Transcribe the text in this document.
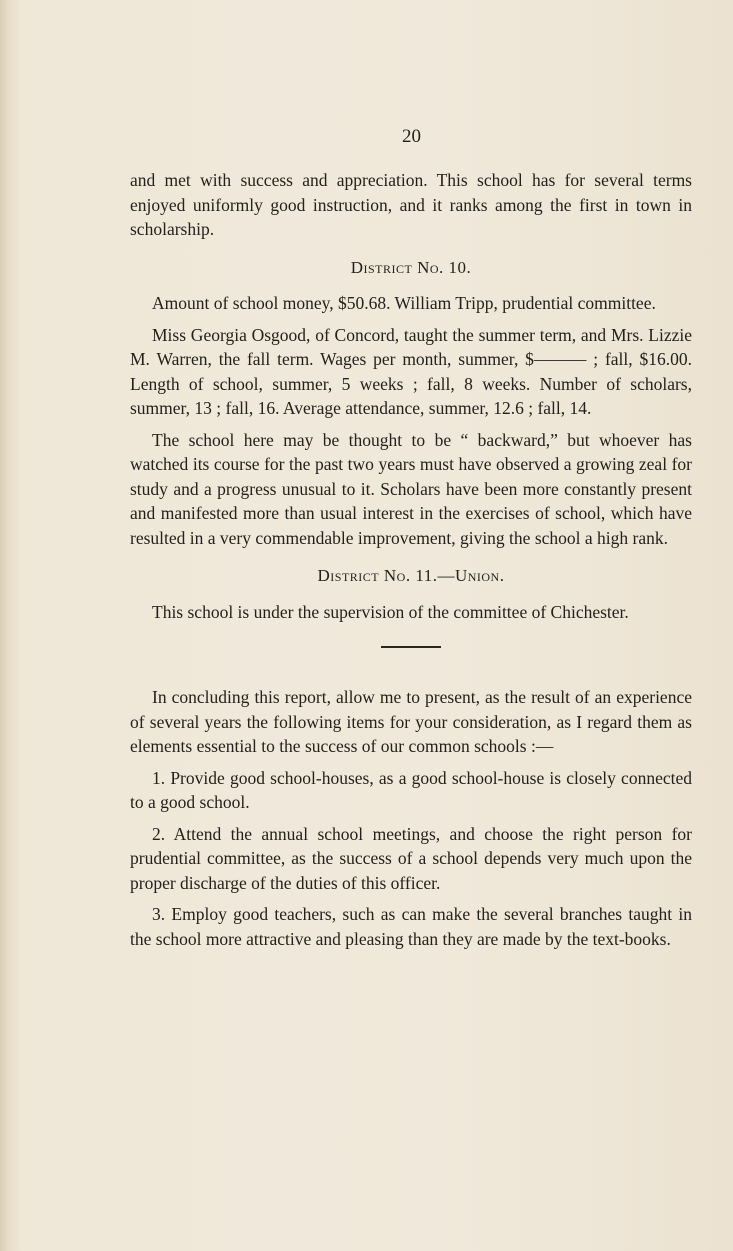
20

and met with success and appreciation. This school has for several terms enjoyed uniformly good instruction, and it ranks among the first in town in scholarship.

District No. 10.

Amount of school money, $50.68. William Tripp, prudential committee.

Miss Georgia Osgood, of Concord, taught the summer term, and Mrs. Lizzie M. Warren, the fall term. Wages per month, summer, $——— ; fall, $16.00. Length of school, summer, 5 weeks ; fall, 8 weeks. Number of scholars, summer, 13 ; fall, 16. Average attendance, summer, 12.6 ; fall, 14.

The school here may be thought to be “ backward,” but whoever has watched its course for the past two years must have observed a growing zeal for study and a progress unusual to it. Scholars have been more constantly present and manifested more than usual interest in the exercises of school, which have resulted in a very commendable improvement, giving the school a high rank.

District No. 11.—Union.

This school is under the supervision of the committee of Chichester.

In concluding this report, allow me to present, as the result of an experience of several years the following items for your consideration, as I regard them as elements essential to the success of our common schools :—

1. Provide good school-houses, as a good school-house is closely connected to a good school.

2. Attend the annual school meetings, and choose the right person for prudential committee, as the success of a school depends very much upon the proper discharge of the duties of this officer.

3. Employ good teachers, such as can make the several branches taught in the school more attractive and pleasing than they are made by the text-books.
